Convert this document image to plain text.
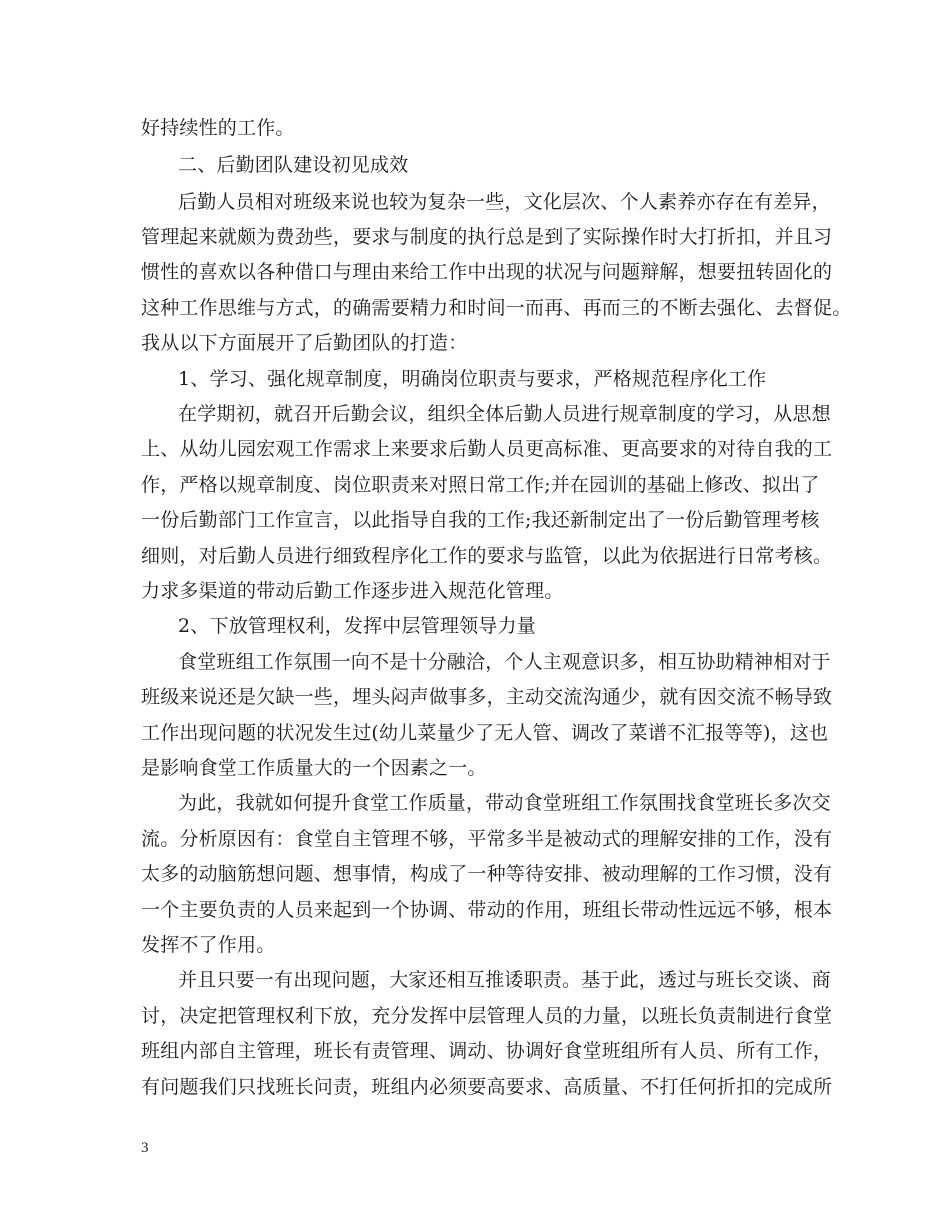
好持续性的工作。
二、后勤团队建设初见成效
后勤人员相对班级来说也较为复杂一些，文化层次、个人素养亦存在有差异，
管理起来就颇为费劲些，要求与制度的执行总是到了实际操作时大打折扣，并且习
惯性的喜欢以各种借口与理由来给工作中出现的状况与问题辩解，想要扭转固化的
这种工作思维与方式，的确需要精力和时间一而再、再而三的不断去强化、去督促。
我从以下方面展开了后勤团队的打造：
1、学习、强化规章制度，明确岗位职责与要求，严格规范程序化工作
在学期初，就召开后勤会议，组织全体后勤人员进行规章制度的学习，从思想
上、从幼儿园宏观工作需求上来要求后勤人员更高标准、更高要求的对待自我的工
作，严格以规章制度、岗位职责来对照日常工作;并在园训的基础上修改、拟出了
一份后勤部门工作宣言，以此指导自我的工作;我还新制定出了一份后勤管理考核
细则，对后勤人员进行细致程序化工作的要求与监管，以此为依据进行日常考核。
力求多渠道的带动后勤工作逐步进入规范化管理。
2、下放管理权利，发挥中层管理领导力量
食堂班组工作氛围一向不是十分融洽，个人主观意识多，相互协助精神相对于
班级来说还是欠缺一些，埋头闷声做事多，主动交流沟通少，就有因交流不畅导致
工作出现问题的状况发生过(幼儿菜量少了无人管、调改了菜谱不汇报等等)，这也
是影响食堂工作质量大的一个因素之一。
为此，我就如何提升食堂工作质量，带动食堂班组工作氛围找食堂班长多次交
流。分析原因有：食堂自主管理不够，平常多半是被动式的理解安排的工作，没有
太多的动脑筋想问题、想事情，构成了一种等待安排、被动理解的工作习惯，没有
一个主要负责的人员来起到一个协调、带动的作用，班组长带动性远远不够，根本
发挥不了作用。
并且只要一有出现问题，大家还相互推诿职责。基于此，透过与班长交谈、商
讨，决定把管理权利下放，充分发挥中层管理人员的力量，以班长负责制进行食堂
班组内部自主管理，班长有责管理、调动、协调好食堂班组所有人员、所有工作，
有问题我们只找班长问责，班组内必须要高要求、高质量、不打任何折扣的完成所
3
